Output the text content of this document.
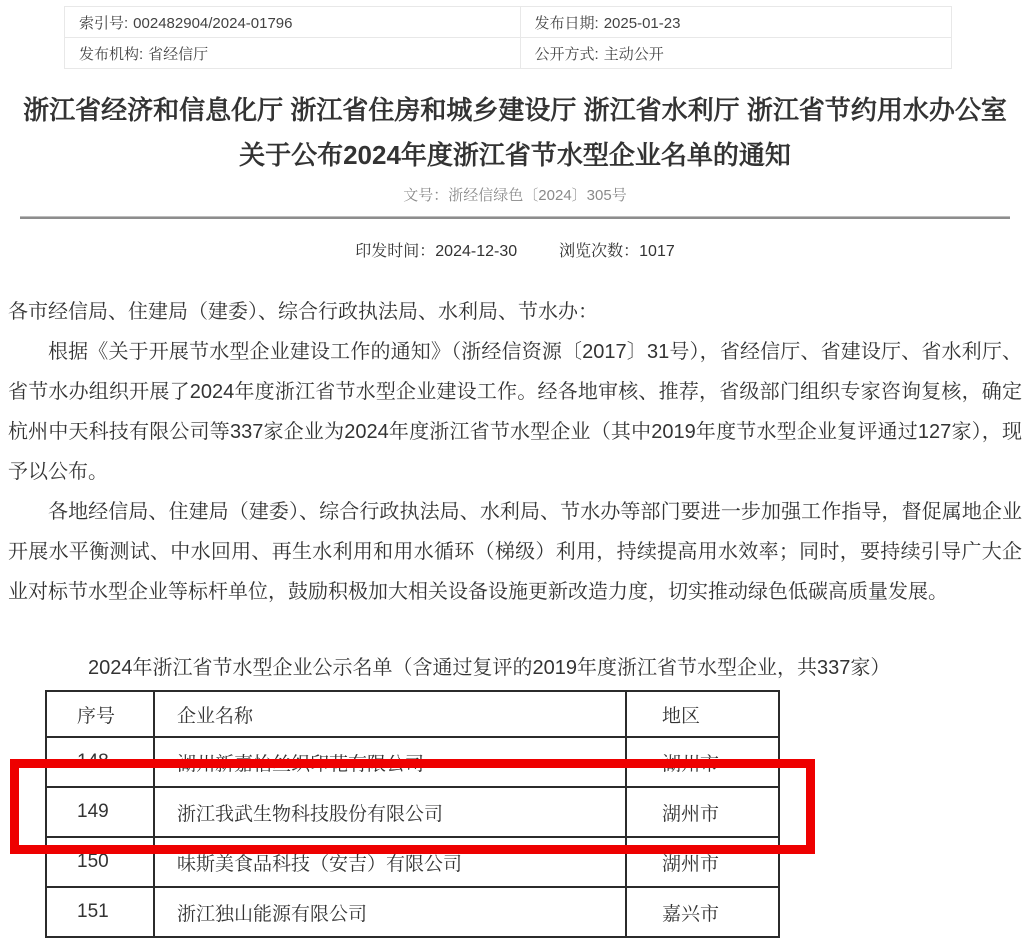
索引号: 002482904/2024-01796	发布日期: 2025-01-23
发布机构: 省经信厅	公开方式: 主动公开
浙江省经济和信息化厅 浙江省住房和城乡建设厅 浙江省水利厅 浙江省节约用水办公室
关于公布2024年度浙江省节水型企业名单的通知
文号：浙经信绿色〔2024〕305号
印发时间：2024-12-30	浏览次数：1017

各市经信局、住建局（建委）、综合行政执法局、水利局、节水办：

根据《关于开展节水型企业建设工作的通知》（浙经信资源〔2017〕31号），省经信厅、省建设厅、省水利厅、省节水办组织开展了2024年度浙江省节水型企业建设工作。经各地审核、推荐，省级部门组织专家咨询复核，确定杭州中天科技有限公司等337家企业为2024年度浙江省节水型企业（其中2019年度节水型企业复评通过127家），现予以公布。

各地经信局、住建局（建委）、综合行政执法局、水利局、节水办等部门要进一步加强工作指导，督促属地企业开展水平衡测试、中水回用、再生水利用和用水循环（梯级）利用，持续提高用水效率；同时，要持续引导广大企业对标节水型企业等标杆单位，鼓励积极加大相关设备设施更新改造力度，切实推动绿色低碳高质量发展。

2024年浙江省节水型企业公示名单（含通过复评的2019年度浙江省节水型企业，共337家）
序号	企业名称	地区
148	湖州新嘉怡丝织印花有限公司	湖州市
149	浙江我武生物科技股份有限公司	湖州市
150	味斯美食品科技（安吉）有限公司	湖州市
151	浙江独山能源有限公司	嘉兴市
